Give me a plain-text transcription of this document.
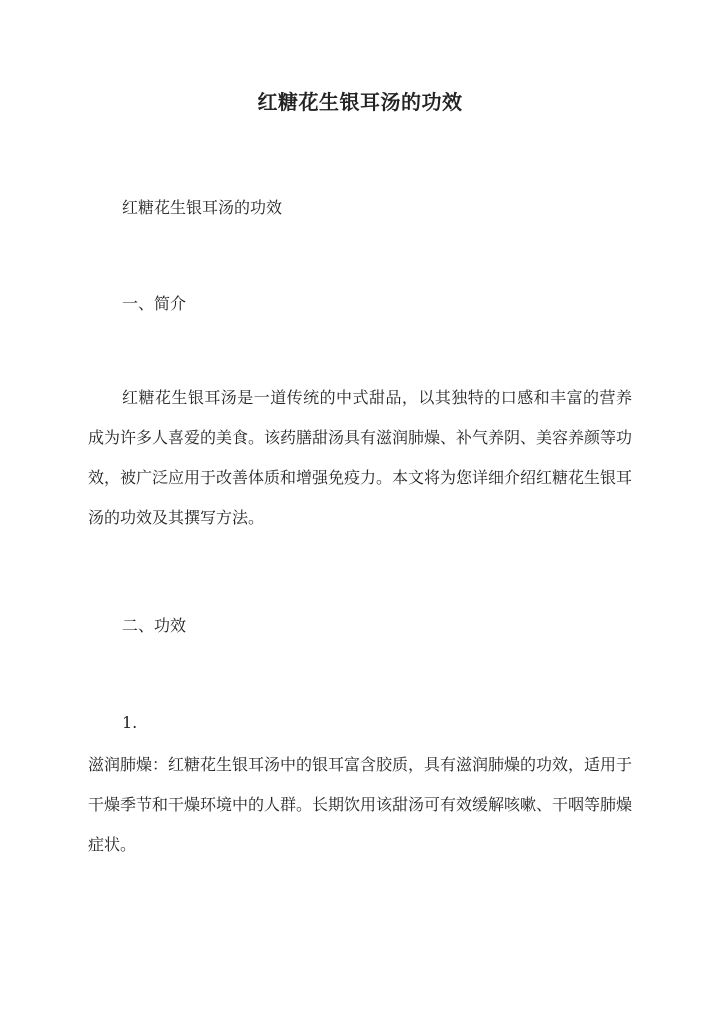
红糖花生银耳汤的功效
红糖花生银耳汤的功效
一、简介
红糖花生银耳汤是一道传统的中式甜品，以其独特的口感和丰富的营养成为许多人喜爱的美食。该药膳甜汤具有滋润肺燥、补气养阴、美容养颜等功效，被广泛应用于改善体质和增强免疫力。本文将为您详细介绍红糖花生银耳汤的功效及其撰写方法。
二、功效
1.
滋润肺燥：红糖花生银耳汤中的银耳富含胶质，具有滋润肺燥的功效，适用于干燥季节和干燥环境中的人群。长期饮用该甜汤可有效缓解咳嗽、干咽等肺燥症状。
